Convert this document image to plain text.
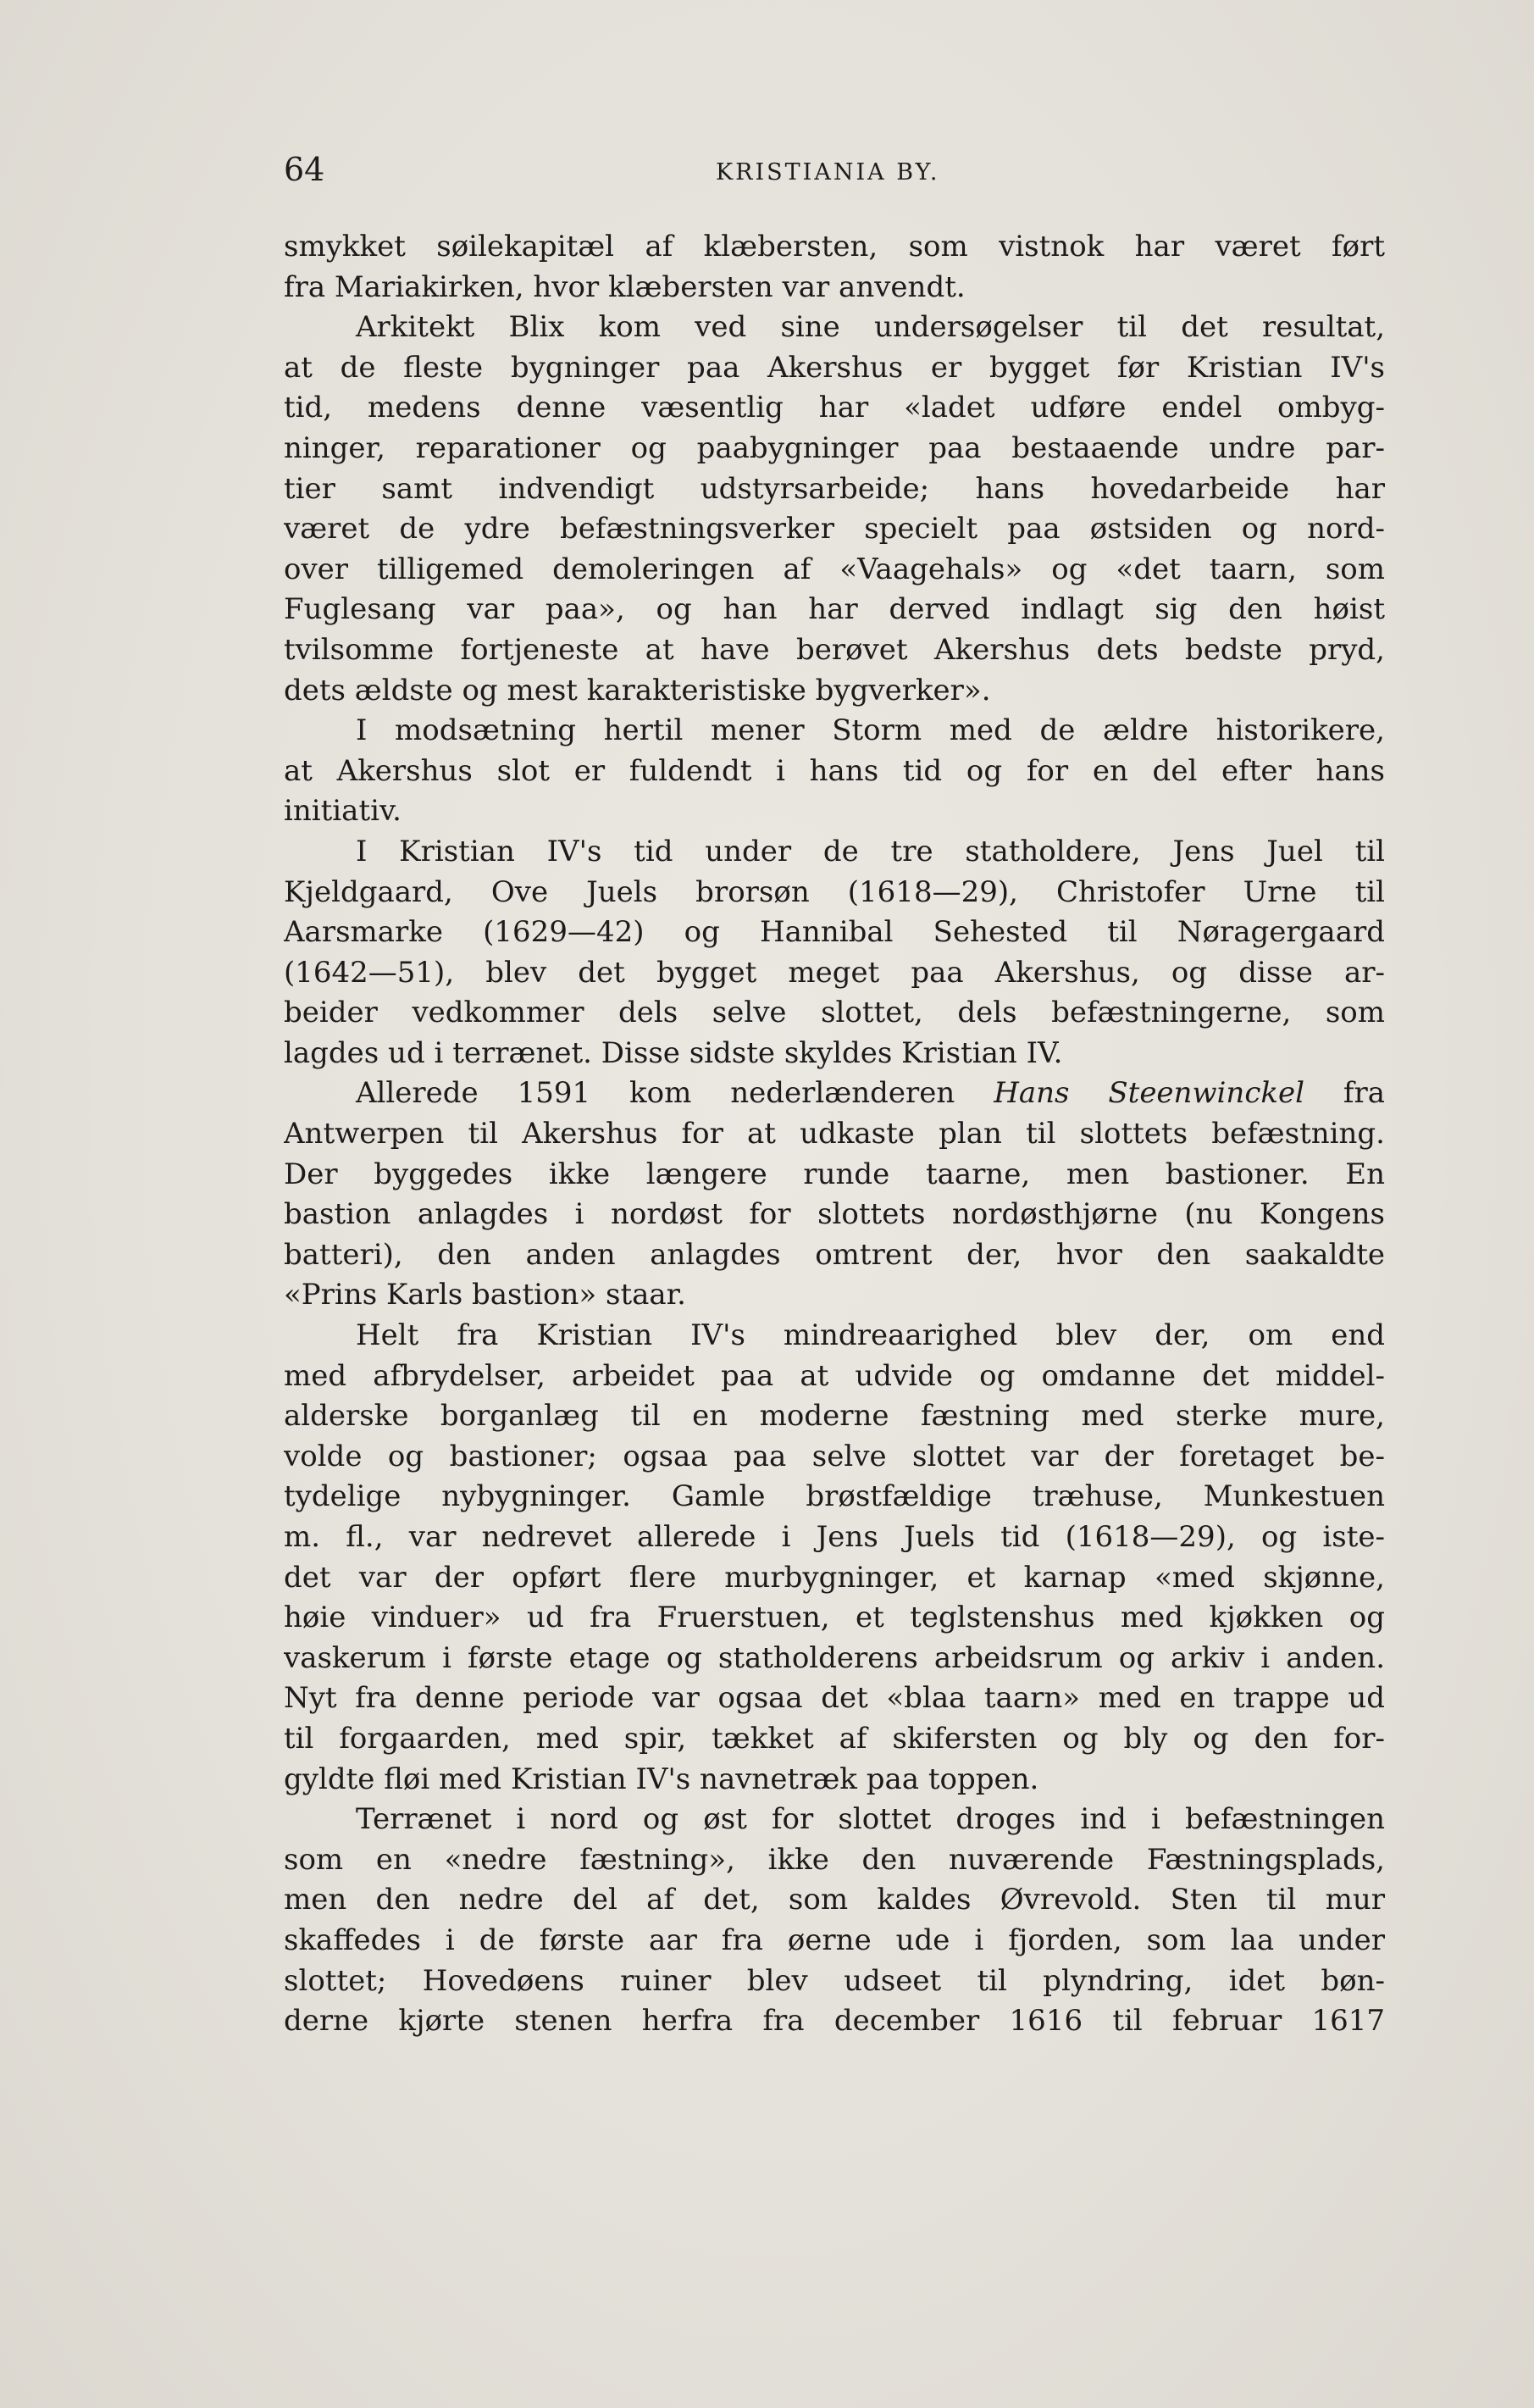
64	KRISTIANIA BY.
smykket søilekapitæl af klæbersten, som vistnok har været ført
fra Mariakirken, hvor klæbersten var anvendt.
Arkitekt Blix kom ved sine undersøgelser til det resultat,
at de fleste bygninger paa Akershus er bygget før Kristian IV's
tid, medens denne væsentlig har «ladet udføre endel ombyg-
ninger, reparationer og paabygninger paa bestaaende undre par-
tier samt indvendigt udstyrsarbeide; hans hovedarbeide har
været de ydre befæstningsverker specielt paa østsiden og nord-
over tilligemed demoleringen af «Vaagehals» og «det taarn, som
Fuglesang var paa», og han har derved indlagt sig den høist
tvilsomme fortjeneste at have berøvet Akershus dets bedste pryd,
dets ældste og mest karakteristiske bygverker».
I modsætning hertil mener Storm med de ældre historikere,
at Akershus slot er fuldendt i hans tid og for en del efter hans
initiativ.
I Kristian IV's tid under de tre statholdere, Jens Juel til
Kjeldgaard, Ove Juels brorsøn (1618—29), Christofer Urne til
Aarsmarke (1629—42) og Hannibal Sehested til Nøragergaard
(1642—51), blev det bygget meget paa Akershus, og disse ar-
beider vedkommer dels selve slottet, dels befæstningerne, som
lagdes ud i terrænet. Disse sidste skyldes Kristian IV.
Allerede 1591 kom nederlænderen Hans Steenwinckel fra
Antwerpen til Akershus for at udkaste plan til slottets befæstning.
Der byggedes ikke længere runde taarne, men bastioner. En
bastion anlagdes i nordøst for slottets nordøsthjørne (nu Kongens
batteri), den anden anlagdes omtrent der, hvor den saakaldte
«Prins Karls bastion» staar.
Helt fra Kristian IV's mindreaarighed blev der, om end
med afbrydelser, arbeidet paa at udvide og omdanne det middel-
alderske borganlæg til en moderne fæstning med sterke mure,
volde og bastioner; ogsaa paa selve slottet var der foretaget be-
tydelige nybygninger. Gamle brøstfældige træhuse, Munkestuen
m. fl., var nedrevet allerede i Jens Juels tid (1618—29), og iste-
det var der opført flere murbygninger, et karnap «med skjønne,
høie vinduer» ud fra Fruerstuen, et teglstenshus med kjøkken og
vaskerum i første etage og statholderens arbeidsrum og arkiv i anden.
Nyt fra denne periode var ogsaa det «blaa taarn» med en trappe ud
til forgaarden, med spir, tækket af skifersten og bly og den for-
gyldte fløi med Kristian IV's navnetræk paa toppen.
Terrænet i nord og øst for slottet droges ind i befæstningen
som en «nedre fæstning», ikke den nuværende Fæstningsplads,
men den nedre del af det, som kaldes Øvrevold. Sten til mur
skaffedes i de første aar fra øerne ude i fjorden, som laa under
slottet; Hovedøens ruiner blev udseet til plyndring, idet bøn-
derne kjørte stenen herfra fra december 1616 til februar 1617
